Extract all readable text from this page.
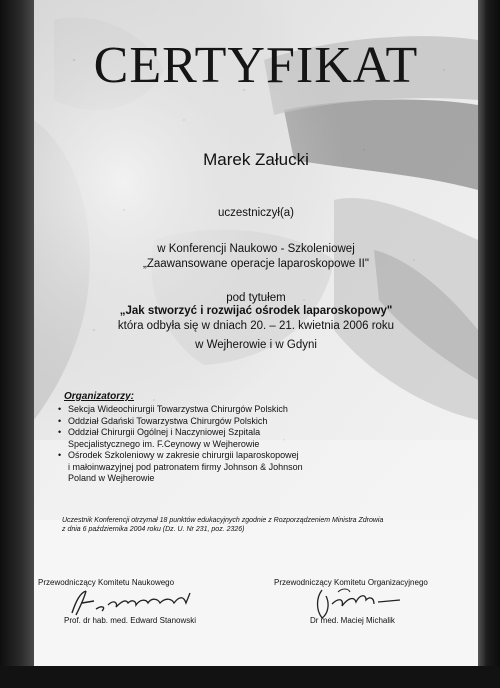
CERTYFIKAT
Marek Załucki
uczestniczył(a)
w Konferencji Naukowo - Szkoleniowej
„Zaawansowane operacje laparoskopowe II"
pod tytułem
„Jak stworzyć i rozwijać ośrodek laparoskopowy"
która odbyła się w dniach 20. – 21. kwietnia 2006 roku
w Wejherowie i w Gdyni
Organizatorzy:
• Sekcja Wideochirurgii Towarzystwa Chirurgów Polskich
• Oddział Gdański Towarzystwa Chirurgów Polskich
• Oddział Chirurgii Ogólnej i Naczyniowej Szpitala
Specjalistycznego im. F.Ceynowy w Wejherowie
• Ośrodek Szkoleniowy w zakresie chirurgii laparoskopowej
i małoinwazyjnej pod patronatem firmy Johnson & Johnson
Poland w Wejherowie
Uczestnik Konferencji otrzymał 18 punktów edukacyjnych zgodnie z Rozporządzeniem Ministra Zdrowia
z dnia 6 października 2004 roku (Dz. U. Nr 231, poz. 2326)
Przewodniczący Komitetu Naukowego
Prof. dr hab. med. Edward Stanowski
Przewodniczący Komitetu Organizacyjnego
Dr med. Maciej Michalik
